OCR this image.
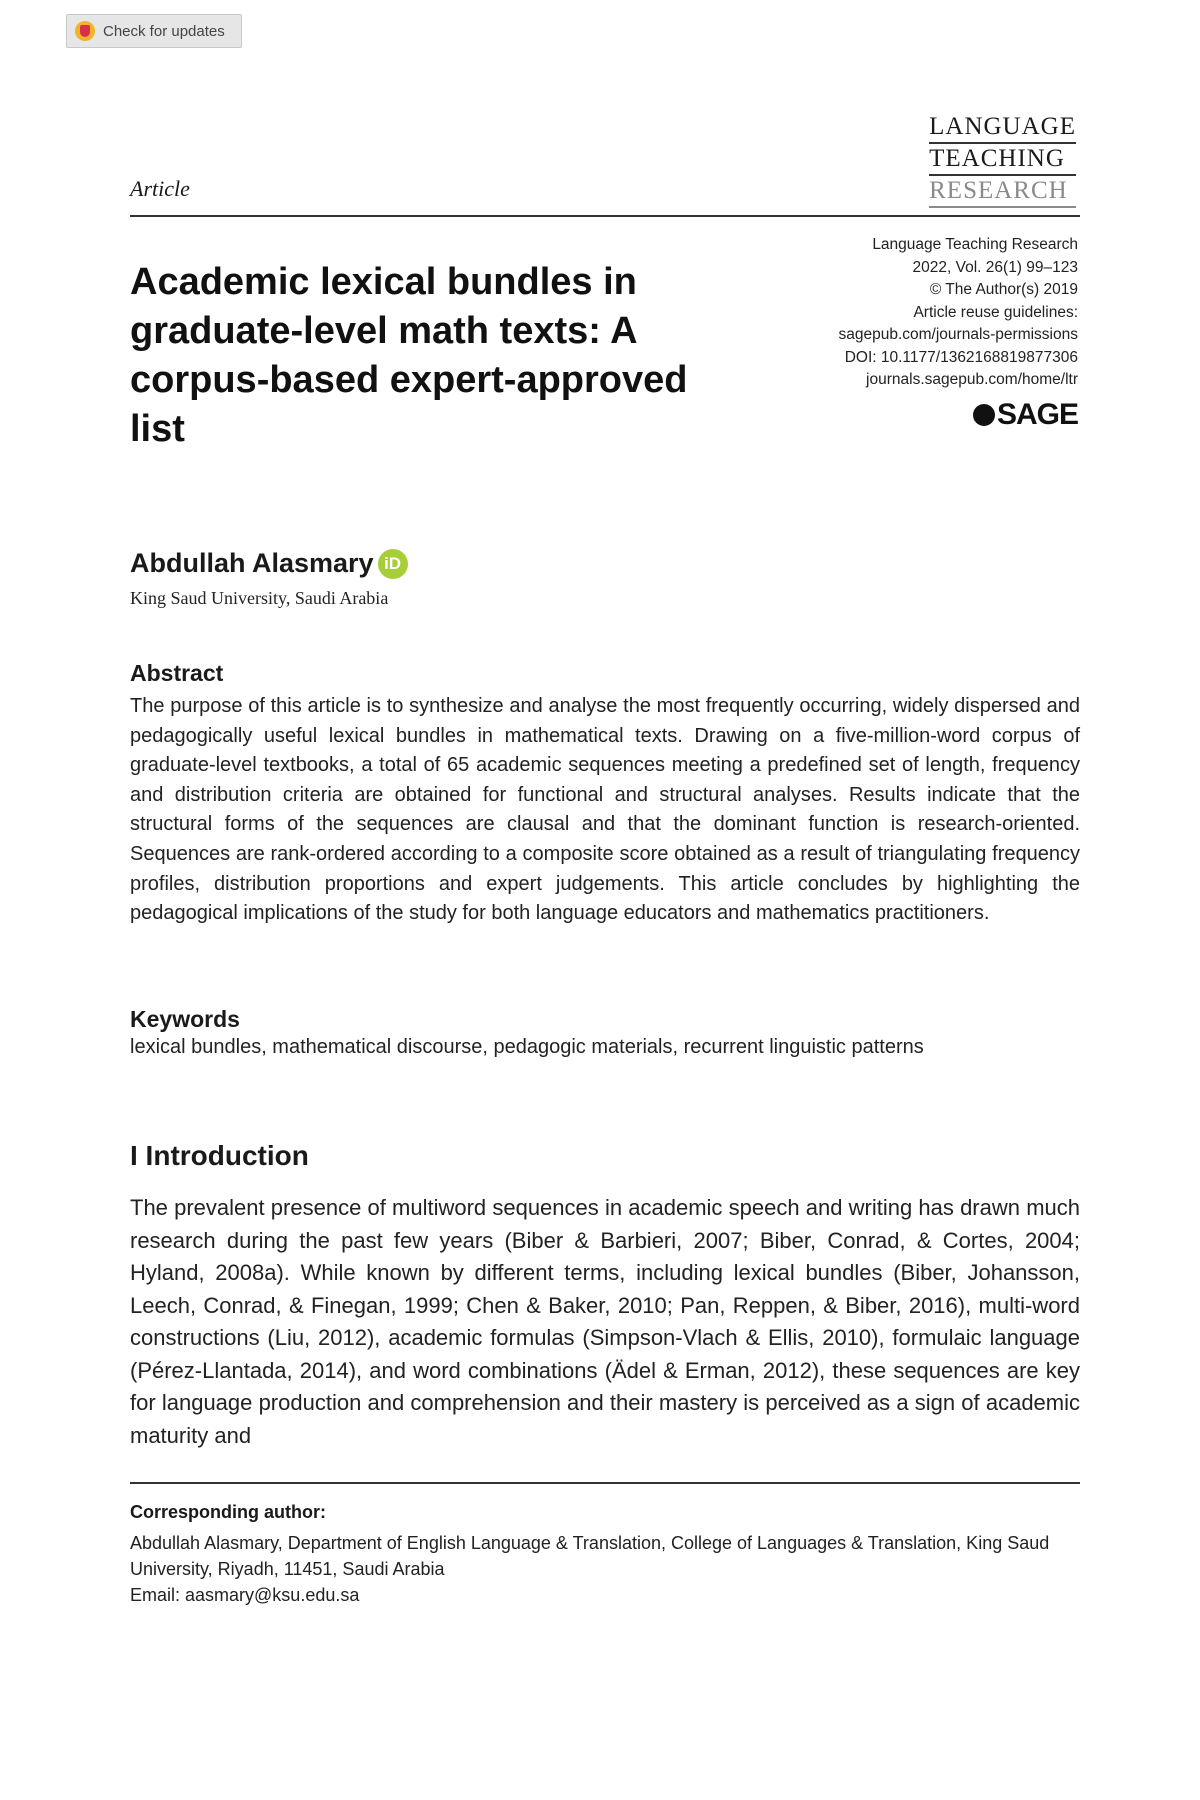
Check for updates
LANGUAGE
TEACHING
RESEARCH
Article
Academic lexical bundles in graduate-level math texts: A corpus-based expert-approved list
Language Teaching Research
2022, Vol. 26(1) 99–123
© The Author(s) 2019
Article reuse guidelines:
sagepub.com/journals-permissions
DOI: 10.1177/1362168819877306
journals.sagepub.com/home/ltr
SAGE
Abdullah Alasmary iD
King Saud University, Saudi Arabia
Abstract

The purpose of this article is to synthesize and analyse the most frequently occurring, widely dispersed and pedagogically useful lexical bundles in mathematical texts. Drawing on a five-million-word corpus of graduate-level textbooks, a total of 65 academic sequences meeting a predefined set of length, frequency and distribution criteria are obtained for functional and structural analyses. Results indicate that the structural forms of the sequences are clausal and that the dominant function is research-oriented. Sequences are rank-ordered according to a composite score obtained as a result of triangulating frequency profiles, distribution proportions and expert judgements. This article concludes by highlighting the pedagogical implications of the study for both language educators and mathematics practitioners.

Keywords

lexical bundles, mathematical discourse, pedagogic materials, recurrent linguistic patterns

I Introduction

The prevalent presence of multiword sequences in academic speech and writing has drawn much research during the past few years (Biber & Barbieri, 2007; Biber, Conrad, & Cortes, 2004; Hyland, 2008a). While known by different terms, including lexical bundles (Biber, Johansson, Leech, Conrad, & Finegan, 1999; Chen & Baker, 2010; Pan, Reppen, & Biber, 2016), multi-word constructions (Liu, 2012), academic formulas (Simpson-Vlach & Ellis, 2010), formulaic language (Pérez-Llantada, 2014), and word combinations (Ädel & Erman, 2012), these sequences are key for language production and comprehension and their mastery is perceived as a sign of academic maturity and

Corresponding author:
Abdullah Alasmary, Department of English Language & Translation, College of Languages & Translation, King Saud University, Riyadh, 11451, Saudi Arabia
Email: aasmary@ksu.edu.sa
